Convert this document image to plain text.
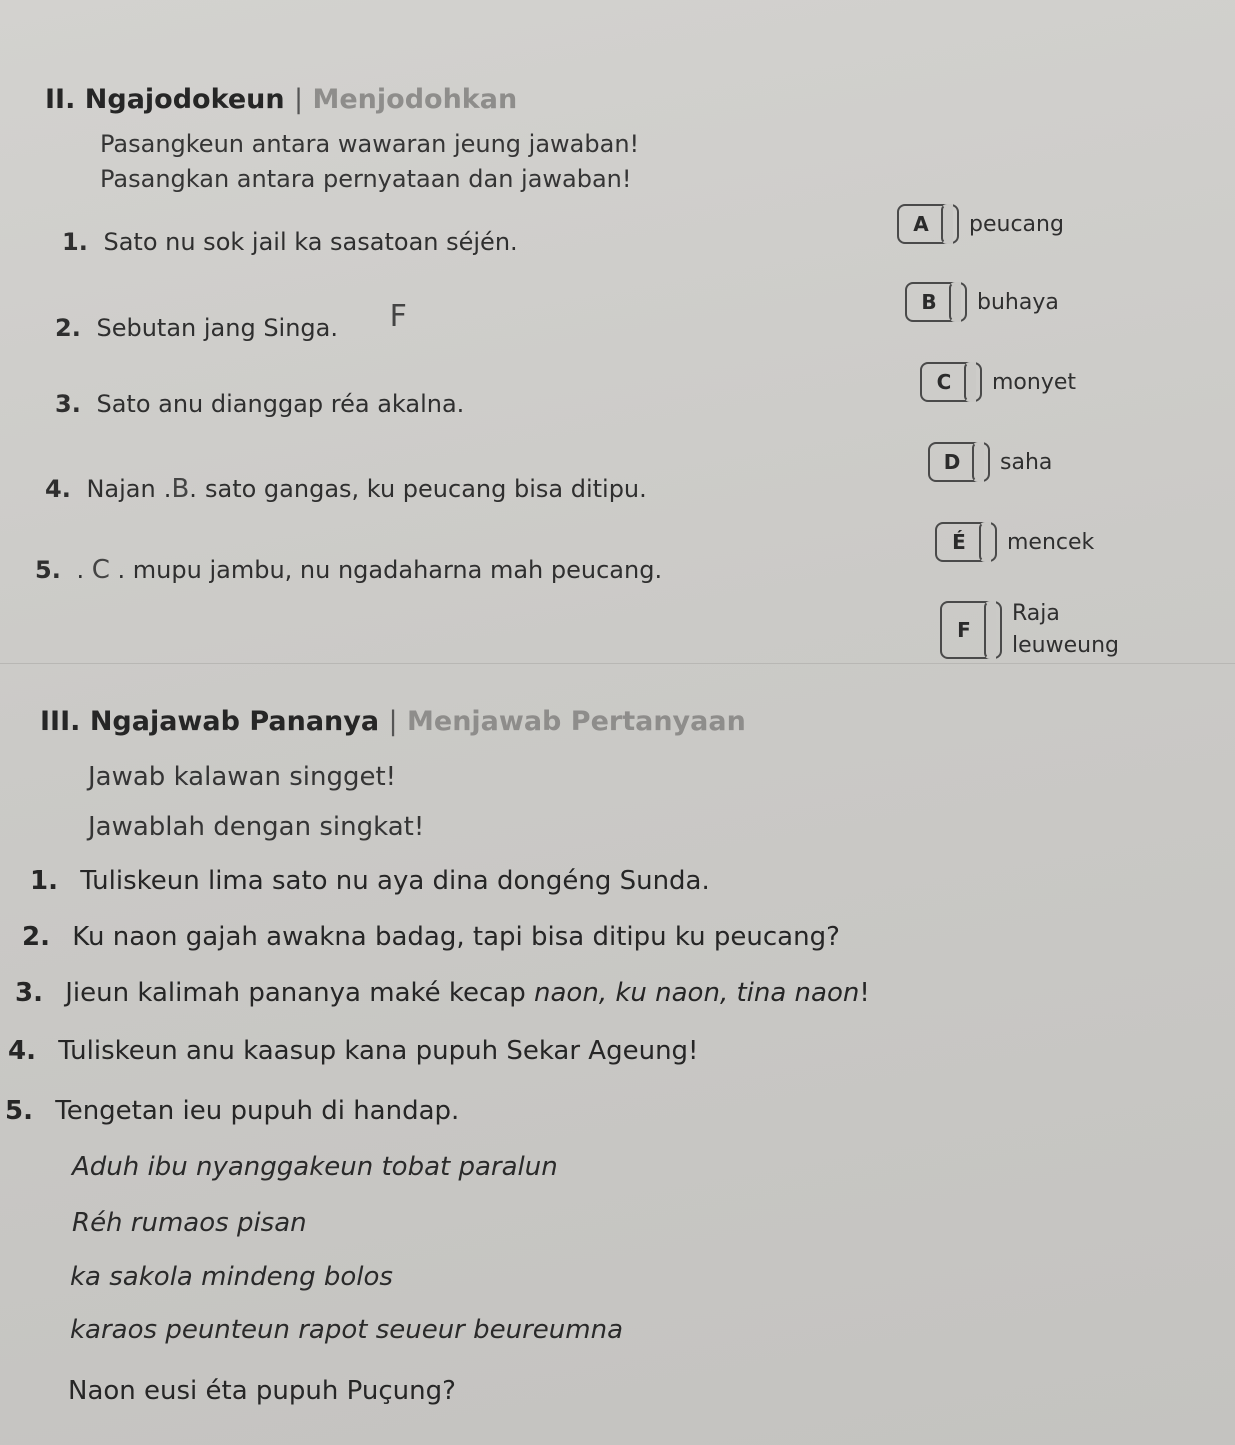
II. Ngajodokeun | Menjodohkan
Pasangkeun antara wawaran jeung jawaban!
Pasangkan antara pernyataan dan jawaban!
1. Sato nu sok jail ka sasatoan séjén.
2. Sebutan jang Singa. F
3. Sato anu dianggap réa akalna.
4. Najan .B. sato gangas, ku peucang bisa ditipu.
5. . C . mupu jambu, nu ngadaharna mah peucang.
A peucang
B buhaya
C monyet
D saha
É mencek
F
Raja
leuweung
III. Ngajawab Pananya | Menjawab Pertanyaan
Jawab kalawan singget!
Jawablah dengan singkat!
1. Tuliskeun lima sato nu aya dina dongéng Sunda.
2. Ku naon gajah awakna badag, tapi bisa ditipu ku peucang?
3. Jieun kalimah pananya maké kecap naon, ku naon, tina naon!
4. Tuliskeun anu kaasup kana pupuh Sekar Ageung!
5. Tengetan ieu pupuh di handap.
Aduh ibu nyanggakeun tobat paralun
Réh rumaos pisan
ka sakola mindeng bolos
karaos peunteun rapot seueur beureumna
Naon eusi éta pupuh Puçung?
